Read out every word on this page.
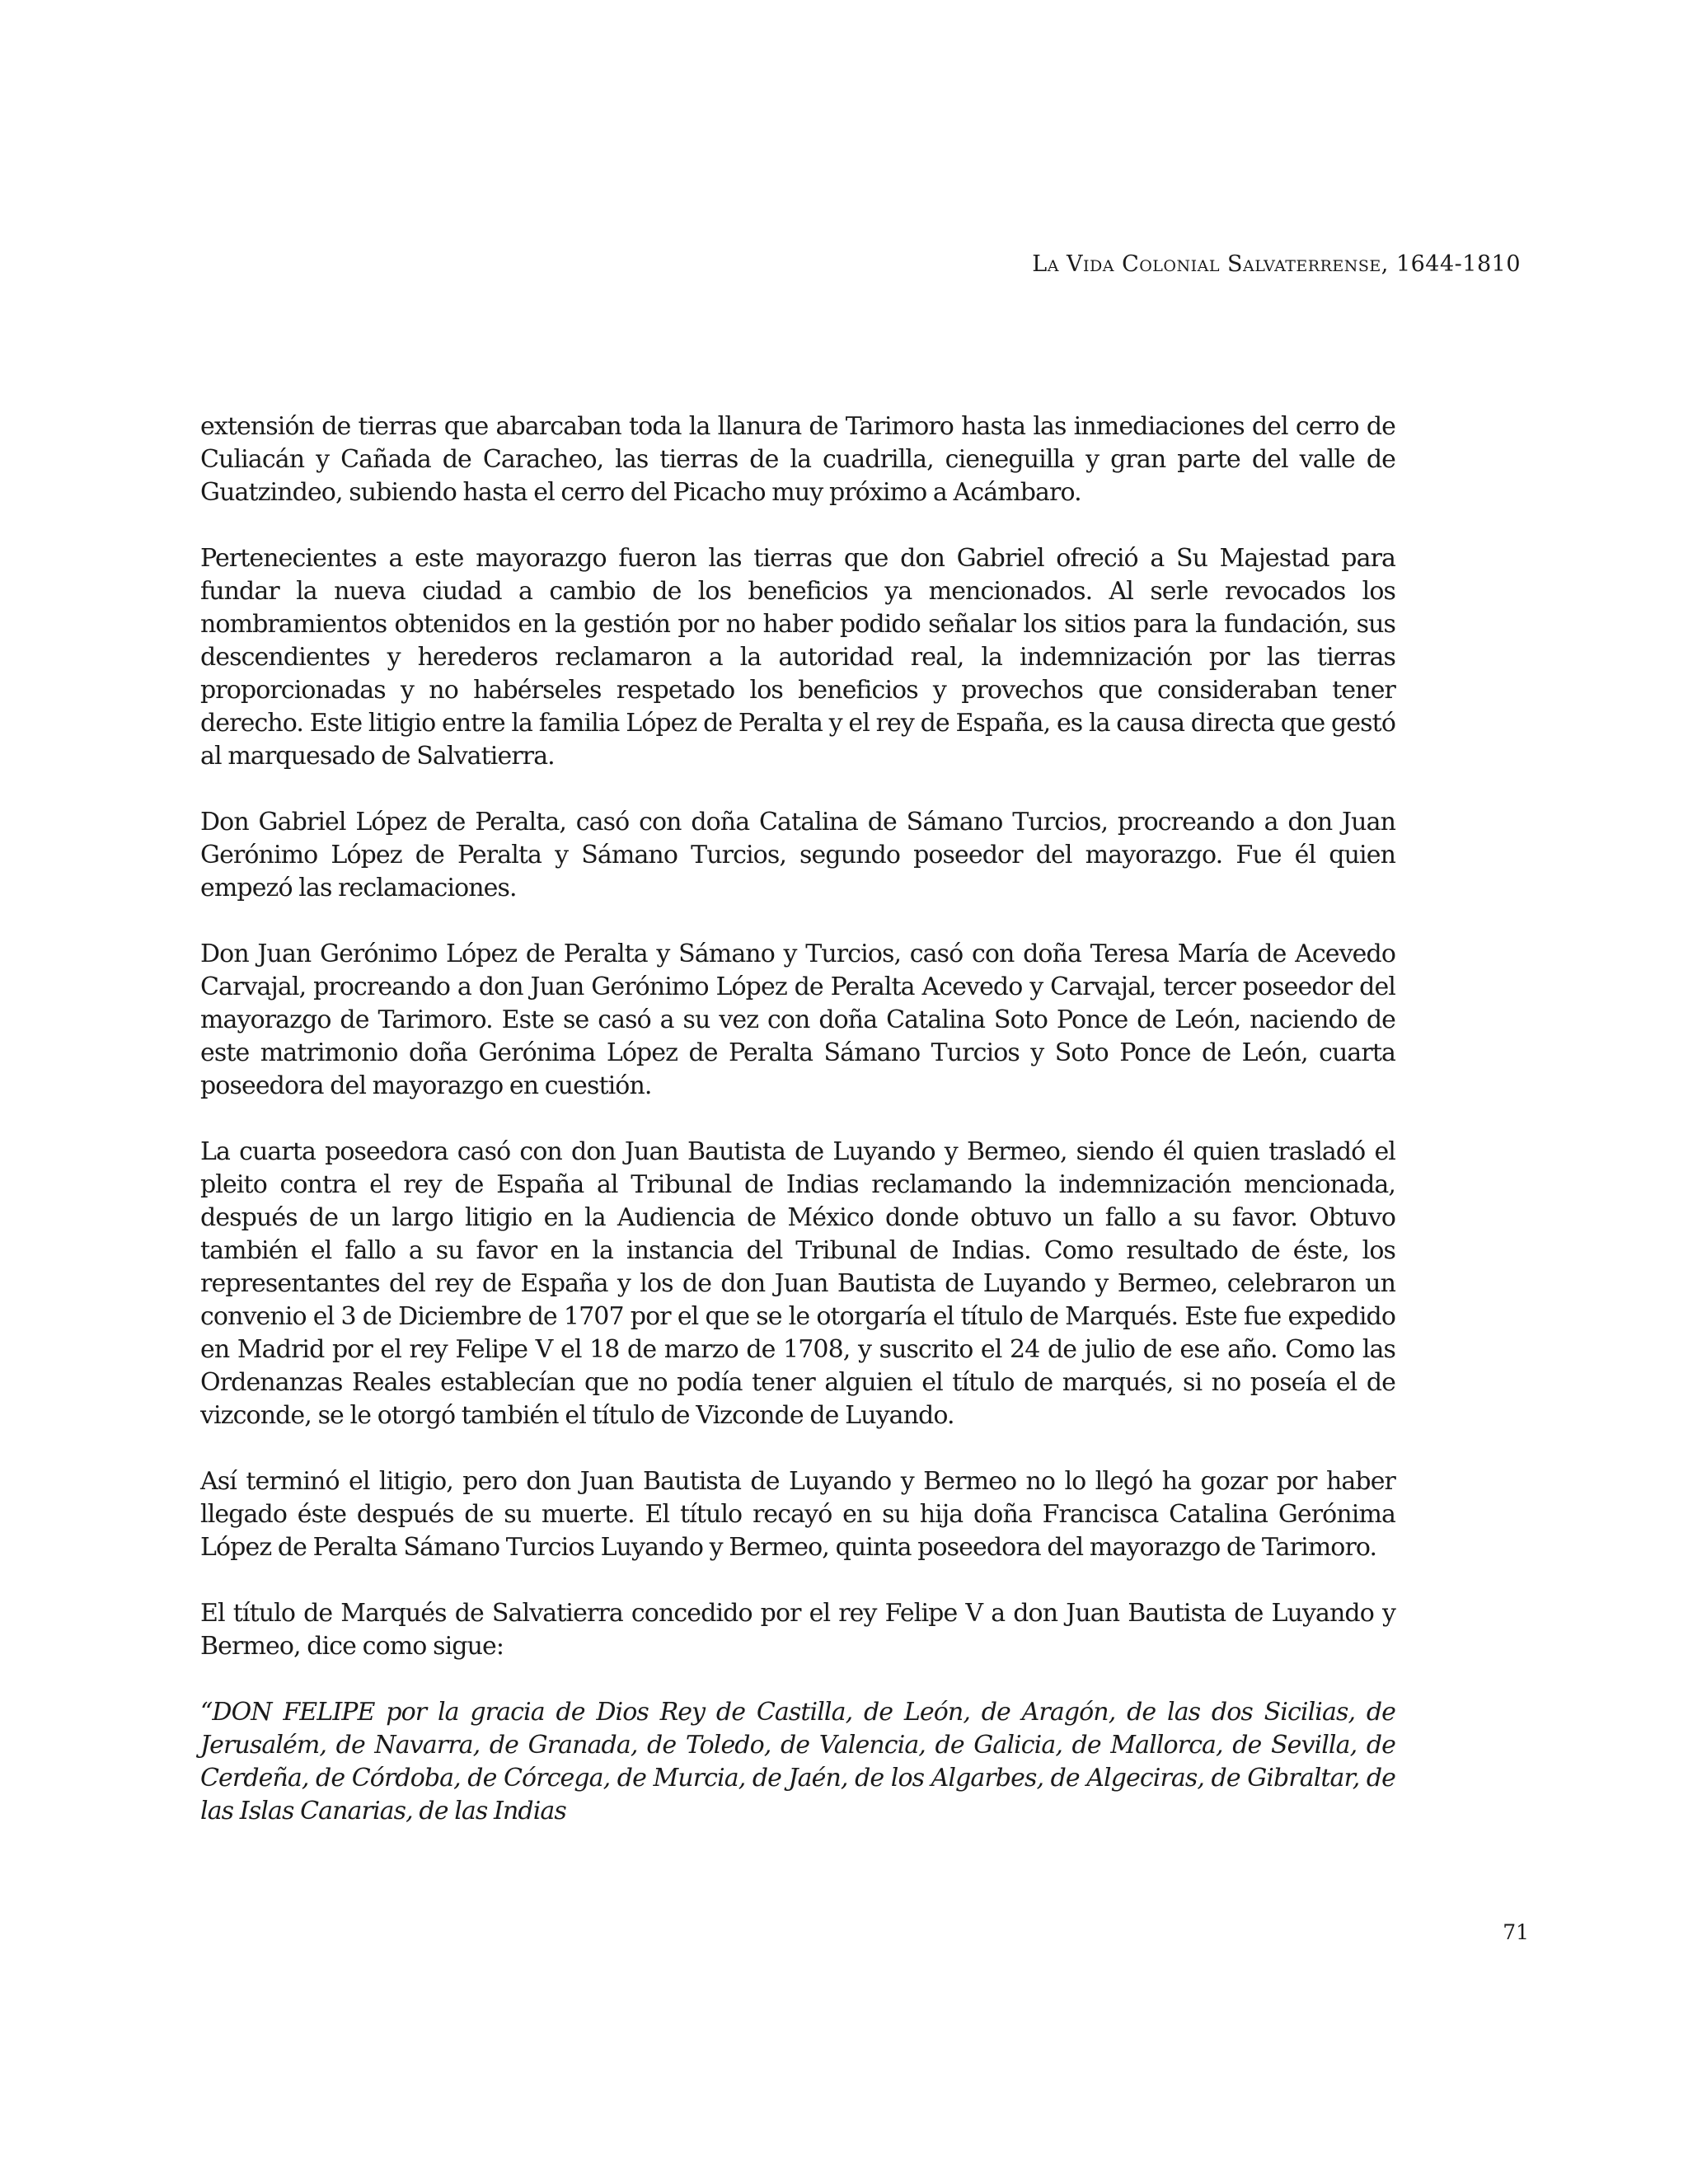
La Vida Colonial Salvaterrense, 1644-1810

extensión de tierras que abarcaban toda la llanura de Tarimoro hasta las inmediaciones del cerro de Culiacán y Cañada de Caracheo, las tierras de la cuadrilla, cieneguilla y gran parte del valle de Guatzindeo, subiendo hasta el cerro del Picacho muy próximo a Acámbaro.

Pertenecientes a este mayorazgo fueron las tierras que don Gabriel ofreció a Su Majestad para fundar la nueva ciudad a cambio de los beneficios ya mencionados. Al serle revocados los nombramientos obtenidos en la gestión por no haber podido señalar los sitios para la fundación, sus descendientes y herederos reclamaron a la autoridad real, la indemnización por las tierras proporcionadas y no habérseles respetado los beneficios y provechos que consideraban tener derecho. Este litigio entre la familia López de Peralta y el rey de España, es la causa directa que gestó al marquesado de Salvatierra.

Don Gabriel López de Peralta, casó con doña Catalina de Sámano Turcios, procreando a don Juan Gerónimo López de Peralta y Sámano Turcios, segundo poseedor del mayorazgo. Fue él quien empezó las reclamaciones.

Don Juan Gerónimo López de Peralta y Sámano y Turcios, casó con doña Teresa María de Acevedo Carvajal, procreando a don Juan Gerónimo López de Peralta Acevedo y Carvajal, tercer poseedor del mayorazgo de Tarimoro. Este se casó a su vez con doña Catalina Soto Ponce de León, naciendo de este matrimonio doña Gerónima López de Peralta Sámano Turcios y Soto Ponce de León, cuarta poseedora del mayorazgo en cuestión.

La cuarta poseedora casó con don Juan Bautista de Luyando y Bermeo, siendo él quien trasladó el pleito contra el rey de España al Tribunal de Indias reclamando la indemnización mencionada, después de un largo litigio en la Audiencia de México donde obtuvo un fallo a su favor. Obtuvo también el fallo a su favor en la instancia del Tribunal de Indias. Como resultado de éste, los representantes del rey de España y los de don Juan Bautista de Luyando y Bermeo, celebraron un convenio el 3 de Diciembre de 1707 por el que se le otorgaría el título de Marqués. Este fue expedido en Madrid por el rey Felipe V el 18 de marzo de 1708, y suscrito el 24 de julio de ese año. Como las Ordenanzas Reales establecían que no podía tener alguien el título de marqués, si no poseía el de vizconde, se le otorgó también el título de Vizconde de Luyando.

Así terminó el litigio, pero don Juan Bautista de Luyando y Bermeo no lo llegó ha gozar por haber llegado éste después de su muerte. El título recayó en su hija doña Francisca Catalina Gerónima López de Peralta Sámano Turcios Luyando y Bermeo, quinta poseedora del mayorazgo de Tarimoro.

El título de Marqués de Salvatierra concedido por el rey Felipe V a don Juan Bautista de Luyando y Bermeo, dice como sigue:

“DON FELIPE por la gracia de Dios Rey de Castilla, de León, de Aragón, de las dos Sicilias, de Jerusalém, de Navarra, de Granada, de Toledo, de Valencia, de Galicia, de Mallorca, de Sevilla, de Cerdeña, de Córdoba, de Córcega, de Murcia, de Jaén, de los Algarbes, de Algeciras, de Gibraltar, de las Islas Canarias, de las Indias

71
